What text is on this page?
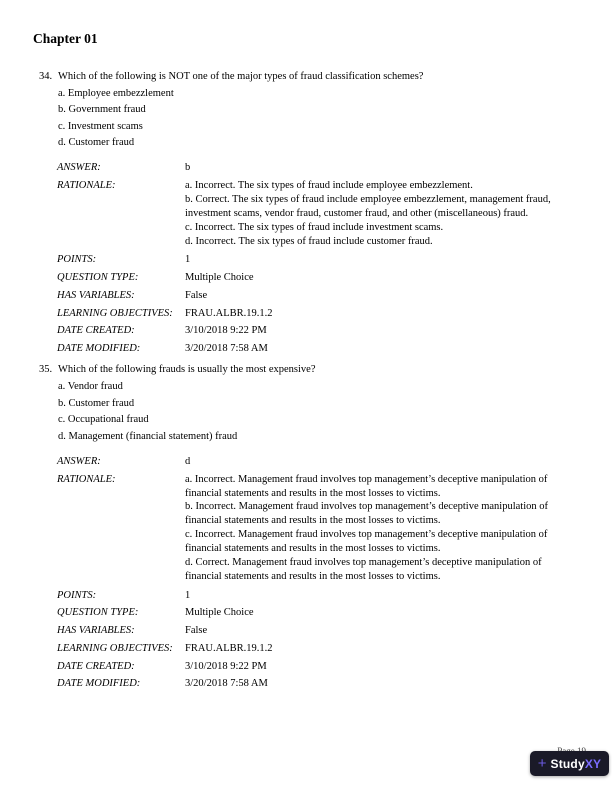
Chapter 01
34. Which of the following is NOT one of the major types of fraud classification schemes?
a. Employee embezzlement
b. Government fraud
c. Investment scams
d. Customer fraud
ANSWER:	b
RATIONALE:	a. Incorrect. The six types of fraud include employee embezzlement.
b. Correct. The six types of fraud include employee embezzlement, management fraud, investment scams, vendor fraud, customer fraud, and other (miscellaneous) fraud.
c. Incorrect. The six types of fraud include investment scams.
d. Incorrect. The six types of fraud include customer fraud.
POINTS:	1
QUESTION TYPE:	Multiple Choice
HAS VARIABLES:	False
LEARNING OBJECTIVES:	FRAU.ALBR.19.1.2
DATE CREATED:	3/10/2018 9:22 PM
DATE MODIFIED:	3/20/2018 7:58 AM
35. Which of the following frauds is usually the most expensive?
a. Vendor fraud
b. Customer fraud
c. Occupational fraud
d. Management (financial statement) fraud
ANSWER:	d
RATIONALE:	a. Incorrect. Management fraud involves top management’s deceptive manipulation of financial statements and results in the most losses to victims.
b. Incorrect. Management fraud involves top management’s deceptive manipulation of financial statements and results in the most losses to victims.
c. Incorrect. Management fraud involves top management’s deceptive manipulation of financial statements and results in the most losses to victims.
d. Correct. Management fraud involves top management’s deceptive manipulation of financial statements and results in the most losses to victims.
POINTS:	1
QUESTION TYPE:	Multiple Choice
HAS VARIABLES:	False
LEARNING OBJECTIVES:	FRAU.ALBR.19.1.2
DATE CREATED:	3/10/2018 9:22 PM
DATE MODIFIED:	3/20/2018 7:58 AM
+ StudyXY
